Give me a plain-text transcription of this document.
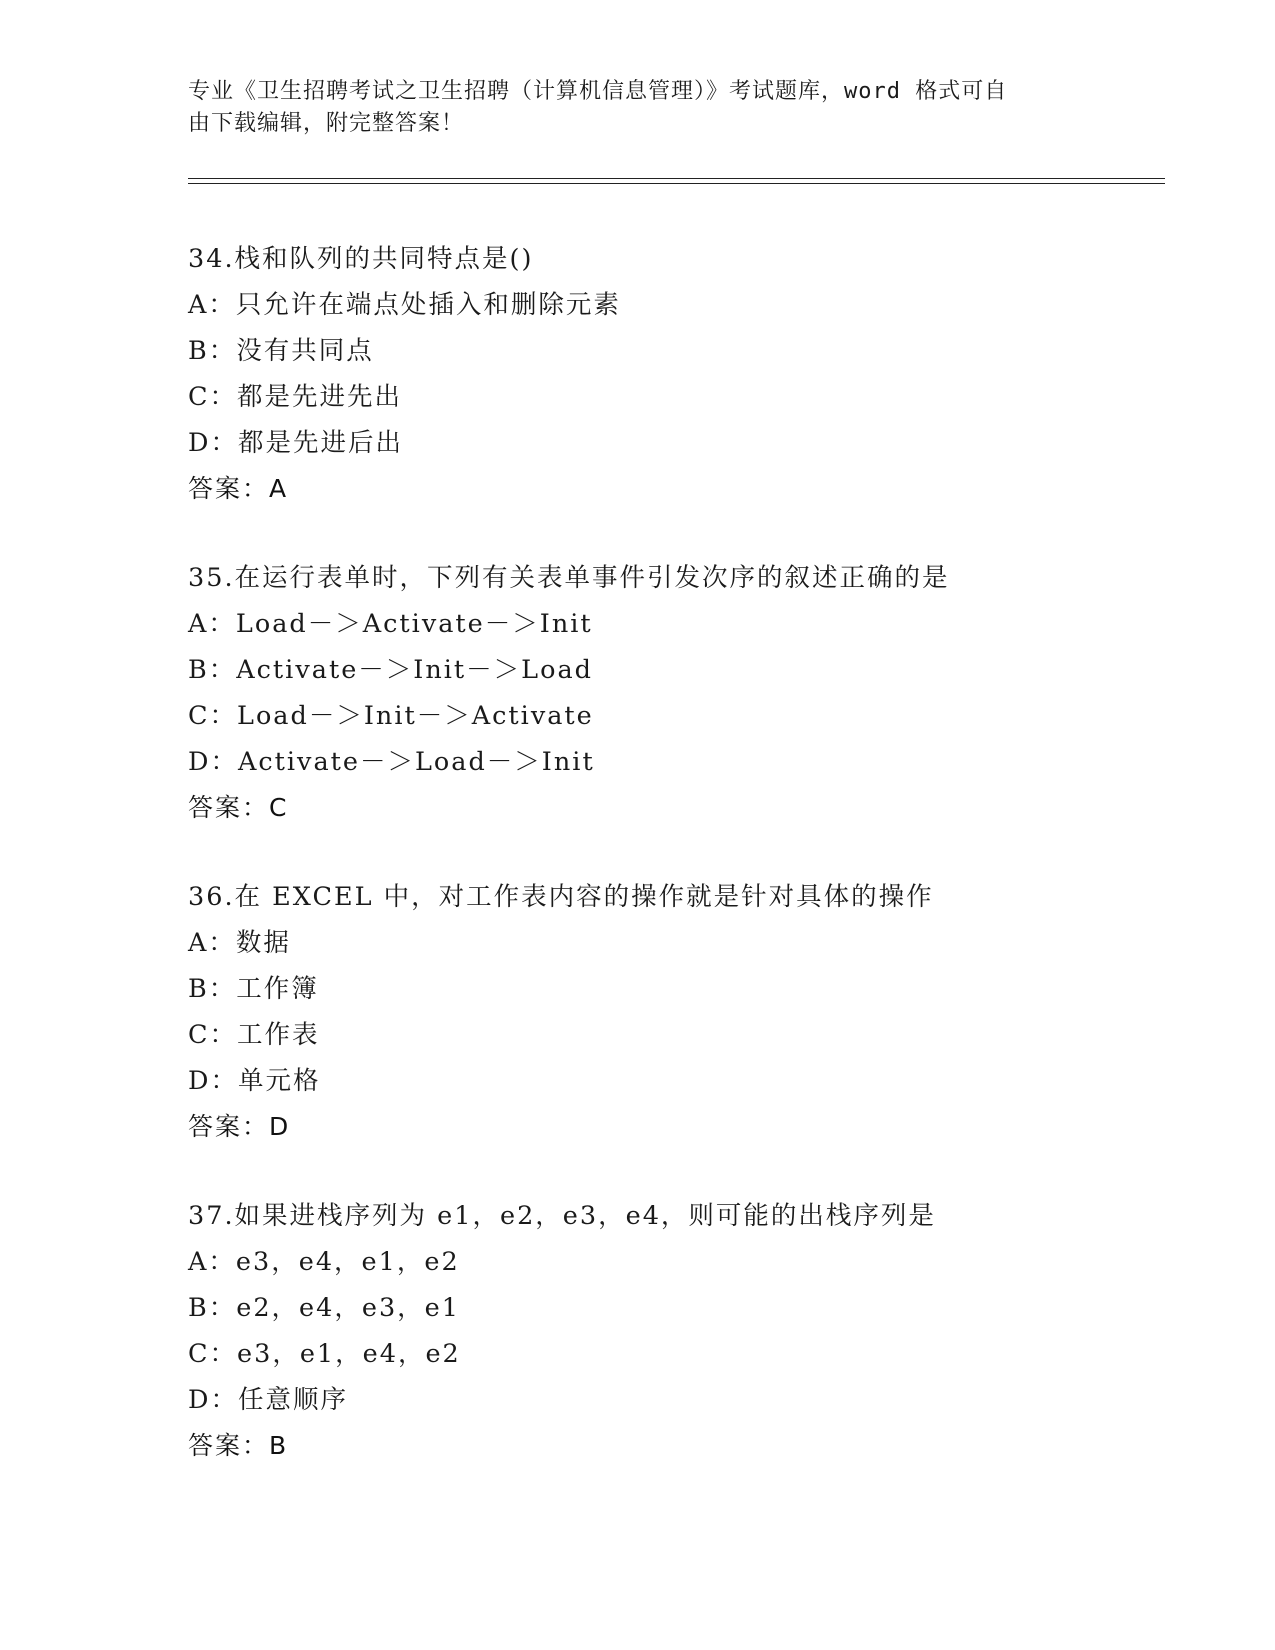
专业《卫生招聘考试之卫生招聘（计算机信息管理）》考试题库，word 格式可自
由下载编辑，附完整答案！
34.栈和队列的共同特点是()
A：只允许在端点处插入和删除元素
B：没有共同点
C：都是先进先出
D：都是先进后出
答案：A
35.在运行表单时，下列有关表单事件引发次序的叙述正确的是
A：Load－＞Activate－＞Init
B：Activate－＞Init－＞Load
C：Load－＞Init－＞Activate
D：Activate－＞Load－＞Init
答案：C
36.在 EXCEL 中，对工作表内容的操作就是针对具体的操作
A：数据
B：工作簿
C：工作表
D：单元格
答案：D
37.如果进栈序列为 e1，e2，e3，e4，则可能的出栈序列是
A：e3，e4，e1，e2
B：e2，e4，e3，e1
C：e3，e1，e4，e2
D：任意顺序
答案：B
